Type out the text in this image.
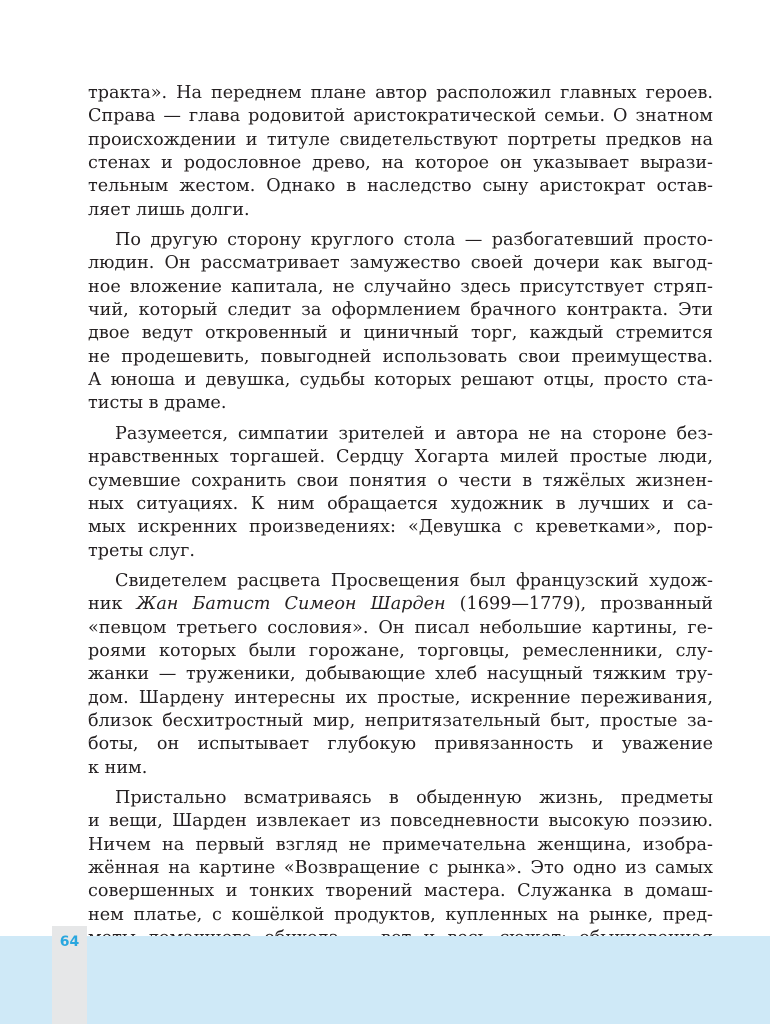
тракта». На переднем плане автор расположил главных героев.
Справа — глава родовитой аристократической семьи. О знатном
происхождении и титуле свидетельствуют портреты предков на
стенах и родословное древо, на которое он указывает вырази-
тельным жестом. Однако в наследство сыну аристократ остав-
ляет лишь долги.
По другую сторону круглого стола — разбогатевший просто-
людин. Он рассматривает замужество своей дочери как выгод-
ное вложение капитала, не случайно здесь присутствует стряп-
чий, который следит за оформлением брачного контракта. Эти
двое ведут откровенный и циничный торг, каждый стремится
не продешевить, повыгодней использовать свои преимущества.
А юноша и девушка, судьбы которых решают отцы, просто ста-
тисты в драме.
Разумеется, симпатии зрителей и автора не на стороне без-
нравственных торгашей. Сердцу Хогарта милей простые люди,
сумевшие сохранить свои понятия о чести в тяжёлых жизнен-
ных ситуациях. К ним обращается художник в лучших и са-
мых искренних произведениях: «Девушка с креветками», пор-
треты слуг.
Свидетелем расцвета Просвещения был французский худож-
ник Жан Батист Симеон Шарден (1699—1779), прозванный
«певцом третьего сословия». Он писал небольшие картины, ге-
роями которых были горожане, торговцы, ремесленники, слу-
жанки — труженики, добывающие хлеб насущный тяжким тру-
дом. Шардену интересны их простые, искренние переживания,
близок бесхитростный мир, непритязательный быт, простые за-
боты, он испытывает глубокую привязанность и уважение
к ним.
Пристально всматриваясь в обыденную жизнь, предметы
и вещи, Шарден извлекает из повседневности высокую поэзию.
Ничем на первый взгляд не примечательна женщина, изобра-
жённая на картине «Возвращение с рынка». Это одно из самых
совершенных и тонких творений мастера. Служанка в домаш-
нем платье, с кошёлкой продуктов, купленных на рынке, пред-
64
